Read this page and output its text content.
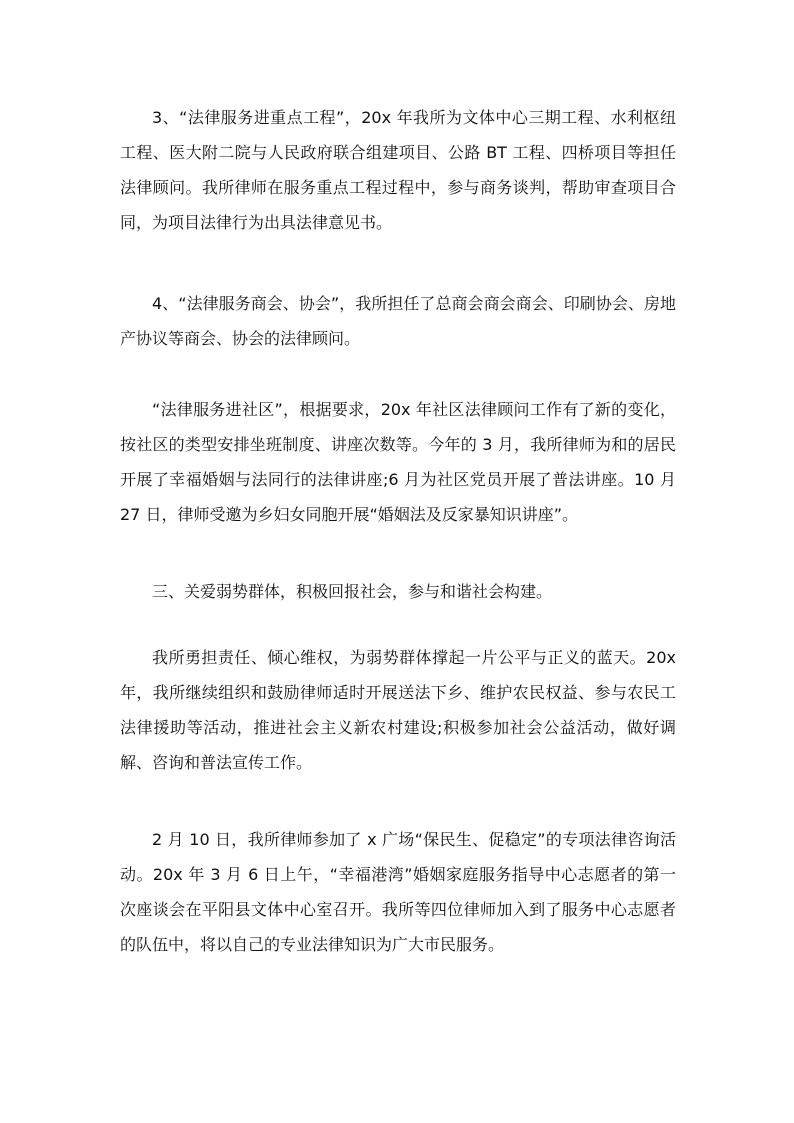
3、“法律服务进重点工程”，20x 年我所为文体中心三期工程、水利枢纽工程、医大附二院与人民政府联合组建项目、公路 BT 工程、四桥项目等担任法律顾问。我所律师在服务重点工程过程中，参与商务谈判，帮助审查项目合同，为项目法律行为出具法律意见书。

4、“法律服务商会、协会”，我所担任了总商会商会商会、印刷协会、房地产协议等商会、协会的法律顾问。

“法律服务进社区”，根据要求，20x 年社区法律顾问工作有了新的变化，按社区的类型安排坐班制度、讲座次数等。今年的 3 月，我所律师为和的居民开展了幸福婚姻与法同行的法律讲座;6 月为社区党员开展了普法讲座。10 月 27 日，律师受邀为乡妇女同胞开展“婚姻法及反家暴知识讲座”。

三、关爱弱势群体，积极回报社会，参与和谐社会构建。

我所勇担责任、倾心维权，为弱势群体撑起一片公平与正义的蓝天。20x 年，我所继续组织和鼓励律师适时开展送法下乡、维护农民权益、参与农民工法律援助等活动，推进社会主义新农村建设;积极参加社会公益活动，做好调解、咨询和普法宣传工作。

2 月 10 日，我所律师参加了 x 广场“保民生、促稳定”的专项法律咨询活动。20x 年 3 月 6 日上午，“幸福港湾”婚姻家庭服务指导中心志愿者的第一次座谈会在平阳县文体中心室召开。我所等四位律师加入到了服务中心志愿者的队伍中，将以自己的专业法律知识为广大市民服务。
